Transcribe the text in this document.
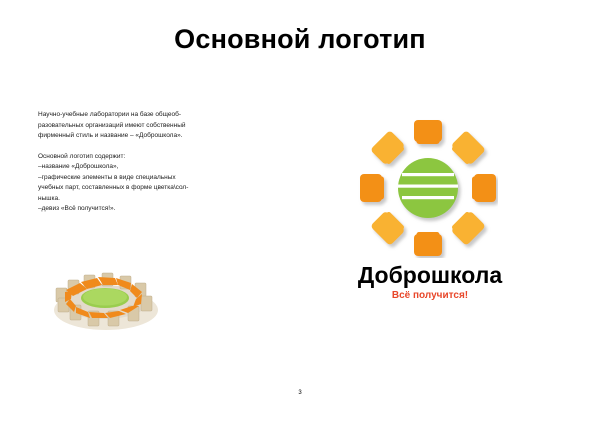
Основной логотип

Научно-учебные лаборатории на базе общеоб-

разовательных организаций имеют собственный

фирменный стиль и название – «Доброшкола».

Основной логотип содержит:

–название «Доброшкола»,

–графические элементы в виде специальных

учебных парт, составленных в форме цветка\сол-

нышка.

–девиз «Всё получится!».

Доброшкола
Всё получится!
3
